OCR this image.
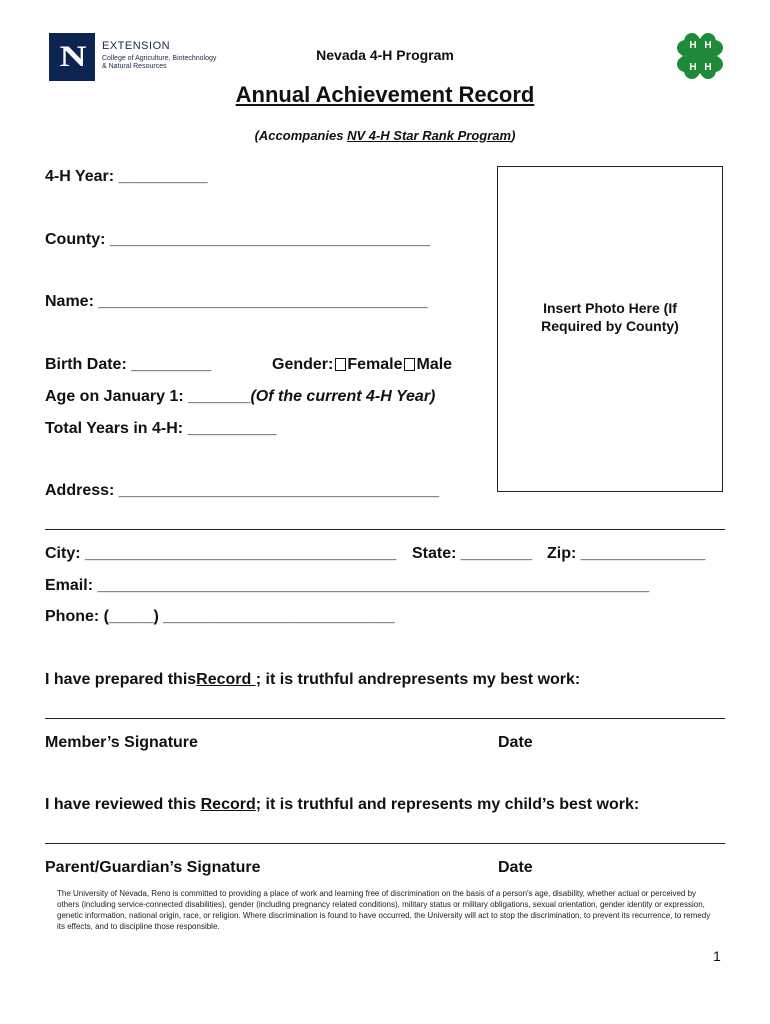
N EXTENSION
College of Agriculture, Biotechnology & Natural Resources
Nevada 4-H Program
H H
H H
Annual Achievement Record
(Accompanies NV 4-H Star Rank Program)
4-H Year: __________
County: ____________________________________
Name: _____________________________________	Insert Photo Here (If
Required by County)
Birth Date: _________	Gender: Female Male
Age on January 1: _______(Of the current 4-H Year)
Total Years in 4-H: __________
Address: ____________________________________
City: ___________________________________ State: ________ Zip: ______________
Email: ______________________________________________________________
Phone: (_____) __________________________
I have prepared thisRecord ; it is truthful andrepresents my best work:
Member’s Signature	Date
I have reviewed this Record; it is truthful and represents my child’s best work:
Parent/Guardian’s Signature	Date
The University of Nevada, Reno is committed to providing a place of work and learning free of discrimination on the basis of a person's age, disability, whether actual or perceived by others (including service-connected disabilities), gender (including pregnancy related conditions), military status or military obligations, sexual orientation, gender identity or expression, genetic information, national origin, race, or religion. Where discrimination is found to have occurred, the University will act to stop the discrimination, to prevent its recurrence, to remedy its effects, and to discipline those responsible.
1
